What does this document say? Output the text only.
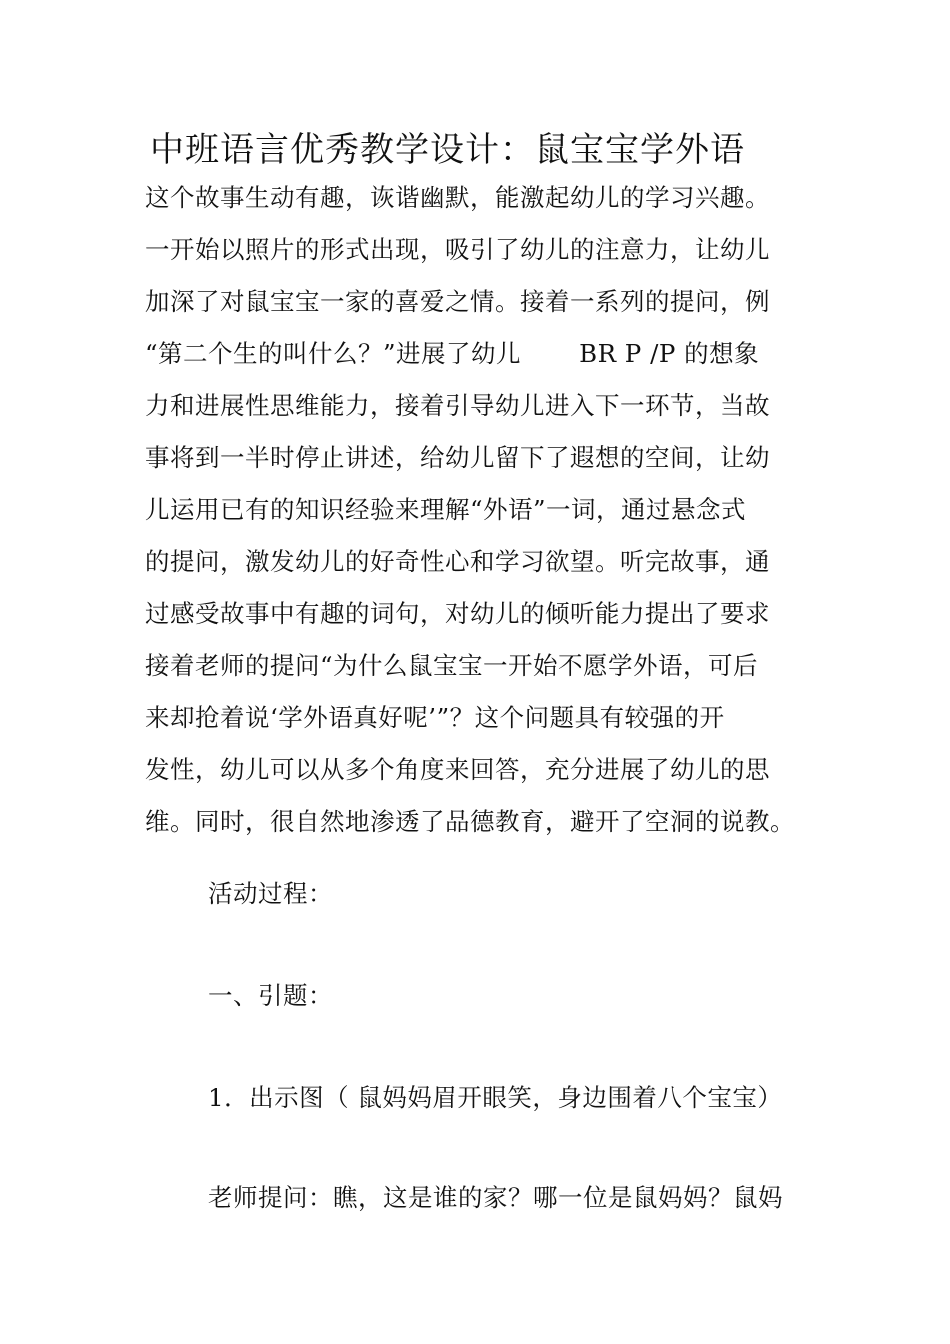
中班语言优秀教学设计：鼠宝宝学外语
这个故事生动有趣，诙谐幽默，能激起幼儿的学习兴趣。
一开始以照片的形式出现，吸引了幼儿的注意力，让幼儿
加深了对鼠宝宝一家的喜爱之情。接着一系列的提问，例
“第二个生的叫什么？”进展了幼儿 BR P /P 的想象
力和进展性思维能力，接着引导幼儿进入下一环节，当故
事将到一半时停止讲述，给幼儿留下了遐想的空间，让幼
儿运用已有的知识经验来理解“外语”一词，通过悬念式
的提问，激发幼儿的好奇性心和学习欲望。听完故事，通
过感受故事中有趣的词句，对幼儿的倾听能力提出了要求
接着老师的提问“为什么鼠宝宝一开始不愿学外语，可后
来却抢着说‘学外语真好呢’”？这个问题具有较强的开
发性，幼儿可以从多个角度来回答，充分进展了幼儿的思
维。同时，很自然地渗透了品德教育，避开了空洞的说教。
活动过程：
一、引题：
1．出示图（ 鼠妈妈眉开眼笑，身边围着八个宝宝）
老师提问：瞧，这是谁的家？哪一位是鼠妈妈？鼠妈
